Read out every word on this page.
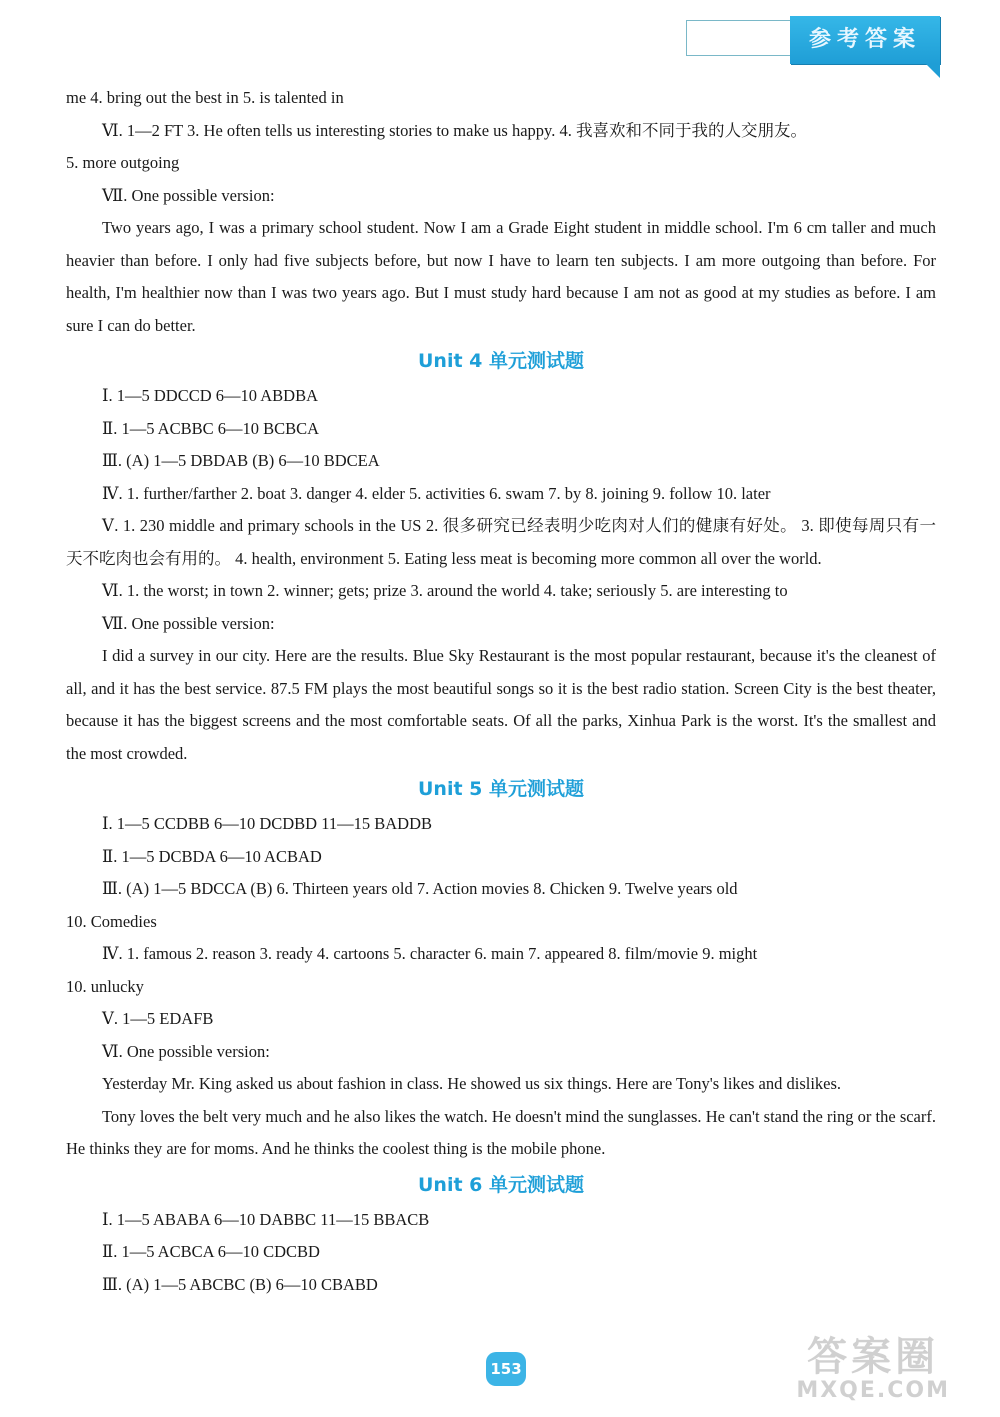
参考答案
me 4. bring out the best in 5. is talented in
Ⅵ. 1—2 FT 3. He often tells us interesting stories to make us happy. 4. 我喜欢和不同于我的人交朋友。
5. more outgoing
Ⅶ. One possible version:
Two years ago, I was a primary school student. Now I am a Grade Eight student in middle school. I'm 6 cm taller and much heavier than before. I only had five subjects before, but now I have to learn ten subjects. I am more outgoing than before. For health, I'm healthier now than I was two years ago. But I must study hard because I am not as good at my studies as before. I am sure I can do better.
Unit 4 单元测试题
Ⅰ. 1—5 DDCCD 6—10 ABDBA
Ⅱ. 1—5 ACBBC 6—10 BCBCA
Ⅲ. (A) 1—5 DBDAB (B) 6—10 BDCEA
Ⅳ. 1. further/farther 2. boat 3. danger 4. elder 5. activities 6. swam 7. by 8. joining 9. follow 10. later
Ⅴ. 1. 230 middle and primary schools in the US 2. 很多研究已经表明少吃肉对人们的健康有好处。 3. 即使每周只有一天不吃肉也会有用的。 4. health, environment 5. Eating less meat is becoming more common all over the world.
Ⅵ. 1. the worst; in town 2. winner; gets; prize 3. around the world 4. take; seriously 5. are interesting to
Ⅶ. One possible version:
I did a survey in our city. Here are the results. Blue Sky Restaurant is the most popular restaurant, because it's the cleanest of all, and it has the best service. 87.5 FM plays the most beautiful songs so it is the best radio station. Screen City is the best theater, because it has the biggest screens and the most comfortable seats. Of all the parks, Xinhua Park is the worst. It's the smallest and the most crowded.
Unit 5 单元测试题
Ⅰ. 1—5 CCDBB 6—10 DCDBD 11—15 BADDB
Ⅱ. 1—5 DCBDA 6—10 ACBAD
Ⅲ. (A) 1—5 BDCCA (B) 6. Thirteen years old 7. Action movies 8. Chicken 9. Twelve years old
10. Comedies
Ⅳ. 1. famous 2. reason 3. ready 4. cartoons 5. character 6. main 7. appeared 8. film/movie 9. might
10. unlucky
Ⅴ. 1—5 EDAFB
Ⅵ. One possible version:
Yesterday Mr. King asked us about fashion in class. He showed us six things. Here are Tony's likes and dislikes.
Tony loves the belt very much and he also likes the watch. He doesn't mind the sunglasses. He can't stand the ring or the scarf. He thinks they are for moms. And he thinks the coolest thing is the mobile phone.
Unit 6 单元测试题
Ⅰ. 1—5 ABABA 6—10 DABBC 11—15 BBACB
Ⅱ. 1—5 ACBCA 6—10 CDCBD
Ⅲ. (A) 1—5 ABCBC (B) 6—10 CBABD
153	答案圈
MXQE.COM
